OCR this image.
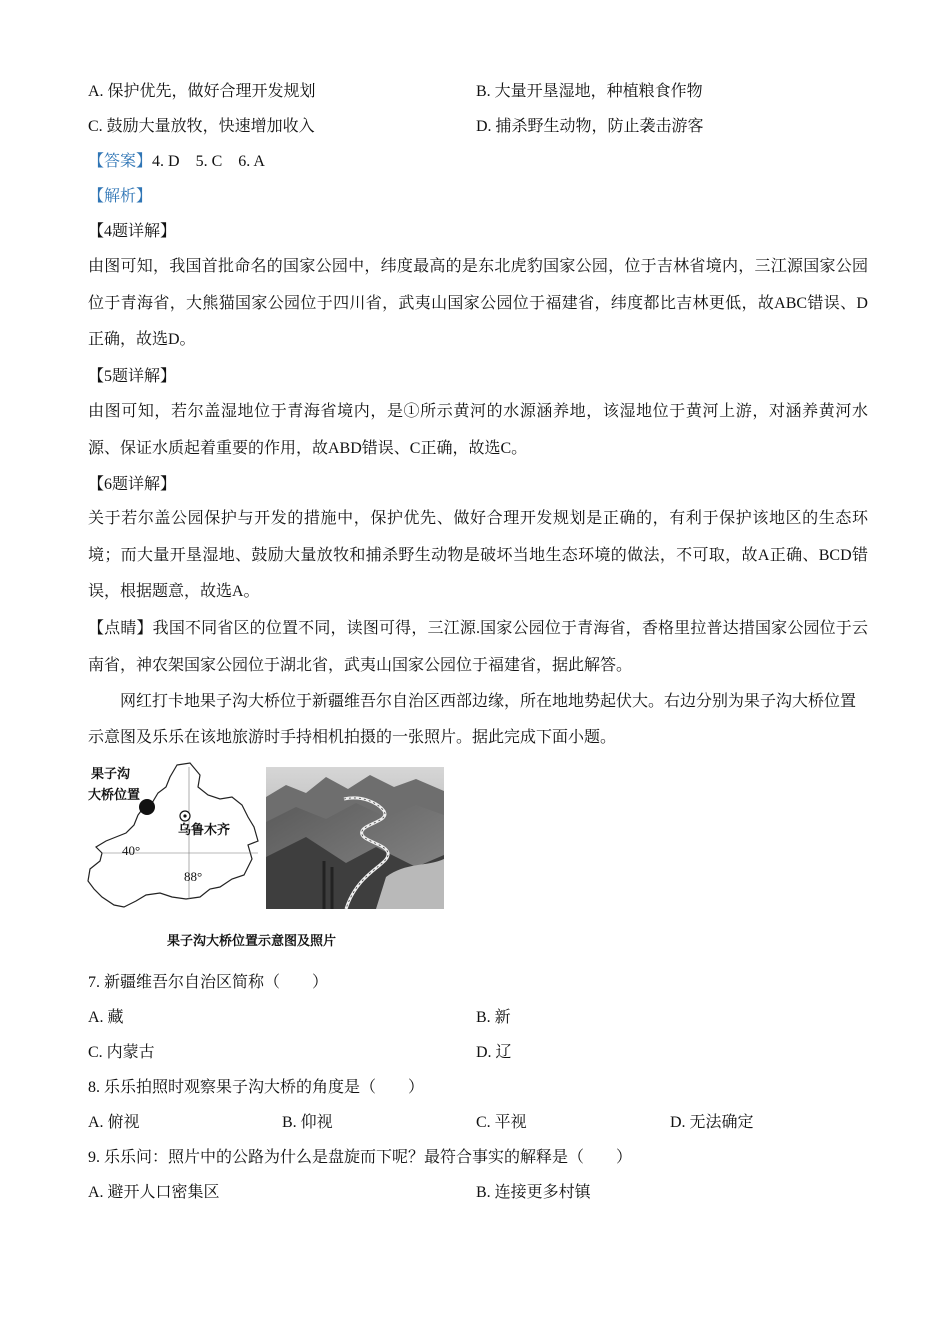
A. 保护优先，做好合理开发规划	B. 大量开垦湿地，种植粮食作物
C. 鼓励大量放牧，快速增加收入	D. 捕杀野生动物，防止袭击游客
【答案】4. D    5. C    6. A
【解析】
【4题详解】
由图可知，我国首批命名的国家公园中，纬度最高的是东北虎豹国家公园，位于吉林省境内，三江源国家公园位于青海省，大熊猫国家公园位于四川省，武夷山国家公园位于福建省，纬度都比吉林更低，故ABC错误、D正确，故选D。
【5题详解】
由图可知，若尔盖湿地位于青海省境内，是①所示黄河的水源涵养地，该湿地位于黄河上游，对涵养黄河水源、保证水质起着重要的作用，故ABD错误、C正确，故选C。
【6题详解】
关于若尔盖公园保护与开发的措施中，保护优先、做好合理开发规划是正确的，有利于保护该地区的生态环境；而大量开垦湿地、鼓励大量放牧和捕杀野生动物是破坏当地生态环境的做法，不可取，故A正确、BCD错误，根据题意，故选A。
【点睛】我国不同省区的位置不同，读图可得，三江源.国家公园位于青海省，香格里拉普达措国家公园位于云南省，神农架国家公园位于湖北省，武夷山国家公园位于福建省，据此解答。
网红打卡地果子沟大桥位于新疆维吾尔自治区西部边缘，所在地地势起伏大。右边分别为果子沟大桥位置示意图及乐乐在该地旅游时手持相机拍摄的一张照片。据此完成下面小题。
果子沟
大桥位置
乌鲁木齐
40°
88°
果子沟大桥位置示意图及照片
7. 新疆维吾尔自治区简称（　　）
A. 藏	B. 新
C. 内蒙古	D. 辽
8. 乐乐拍照时观察果子沟大桥的角度是（　　）
A. 俯视	B. 仰视	C. 平视	D. 无法确定
9. 乐乐问：照片中的公路为什么是盘旋而下呢？最符合事实的解释是（　　）
A. 避开人口密集区	B. 连接更多村镇
